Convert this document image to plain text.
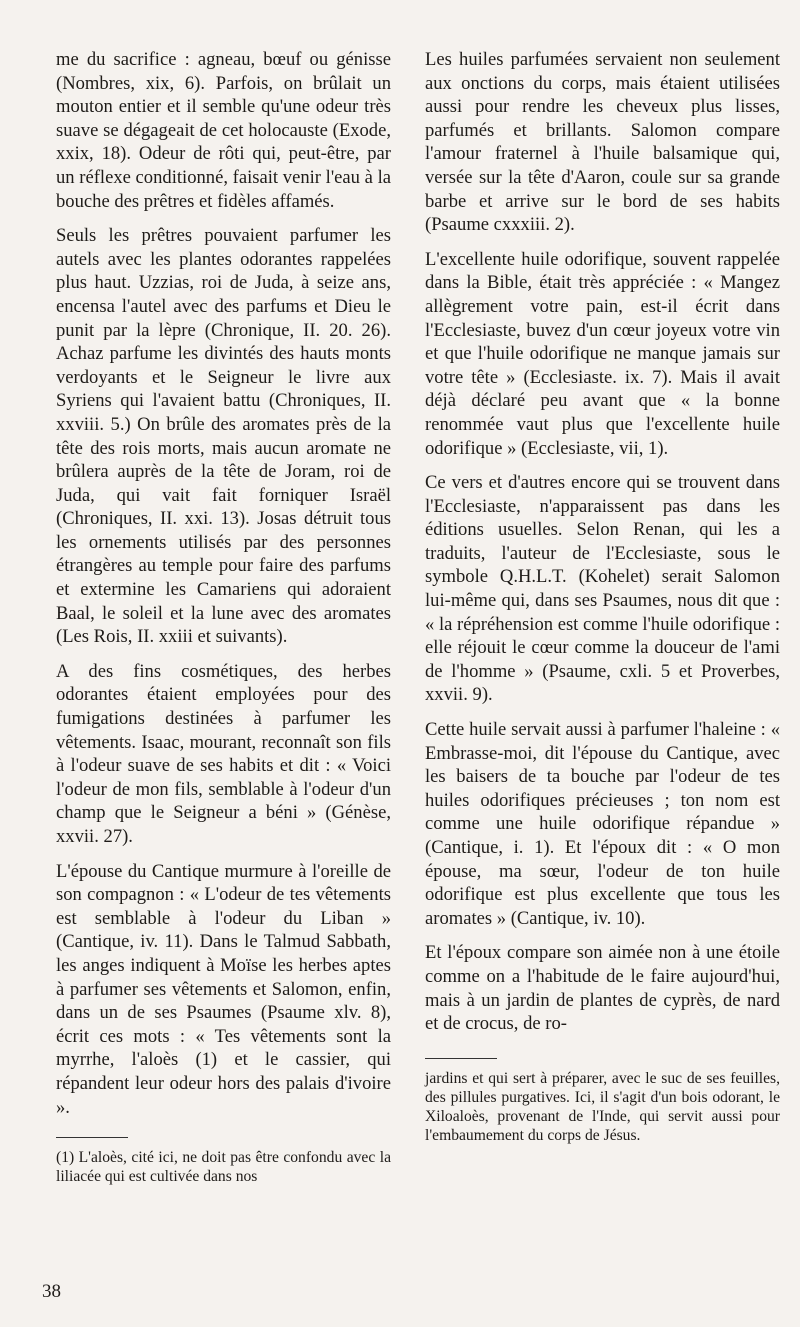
me du sacrifice : agneau, bœuf ou génisse (Nombres, xix, 6). Parfois, on brûlait un mouton entier et il semble qu'une odeur très suave se dégageait de cet holocauste (Exode, xxix, 18). Odeur de rôti qui, peut-être, par un réflexe conditionné, faisait venir l'eau à la bouche des prêtres et fidèles affamés.

Seuls les prêtres pouvaient parfumer les autels avec les plantes odorantes rappelées plus haut. Uzzias, roi de Juda, à seize ans, encensa l'autel avec des parfums et Dieu le punit par la lèpre (Chronique, II. 20. 26). Achaz parfume les divintés des hauts monts verdoyants et le Seigneur le livre aux Syriens qui l'avaient battu (Chroniques, II. xxviii. 5.) On brûle des aromates près de la tête des rois morts, mais aucun aromate ne brûlera auprès de la tête de Joram, roi de Juda, qui vait fait forniquer Israël (Chroniques, II. xxi. 13). Josas détruit tous les ornements utilisés par des personnes étrangères au temple pour faire des parfums et extermine les Camariens qui adoraient Baal, le soleil et la lune avec des aromates (Les Rois, II. xxiii et suivants).

A des fins cosmétiques, des herbes odorantes étaient employées pour des fumigations destinées à parfumer les vêtements. Isaac, mourant, reconnaît son fils à l'odeur suave de ses habits et dit : « Voici l'odeur de mon fils, semblable à l'odeur d'un champ que le Seigneur a béni » (Génèse, xxvii. 27).

L'épouse du Cantique murmure à l'oreille de son compagnon : « L'odeur de tes vêtements est semblable à l'odeur du Liban » (Cantique, iv. 11). Dans le Talmud Sabbath, les anges indiquent à Moïse les herbes aptes à parfumer ses vêtements et Salomon, enfin, dans un de ses Psaumes (Psaume xlv. 8), écrit ces mots : « Tes vêtements sont la myrrhe, l'aloès (1) et le cassier, qui répandent leur odeur hors des palais d'ivoire ».

(1) L'aloès, cité ici, ne doit pas être confondu avec la liliacée qui est cultivée dans nos

Les huiles parfumées servaient non seulement aux onctions du corps, mais étaient utilisées aussi pour rendre les cheveux plus lisses, parfumés et brillants. Salomon compare l'amour fraternel à l'huile balsamique qui, versée sur la tête d'Aaron, coule sur sa grande barbe et arrive sur le bord de ses habits (Psaume cxxxiii. 2).

L'excellente huile odorifique, souvent rappelée dans la Bible, était très appréciée : « Mangez allègrement votre pain, est-il écrit dans l'Ecclesiaste, buvez d'un cœur joyeux votre vin et que l'huile odorifique ne manque jamais sur votre tête » (Ecclesiaste. ix. 7). Mais il avait déjà déclaré peu avant que « la bonne renommée vaut plus que l'excellente huile odorifique » (Ecclesiaste, vii, 1).

Ce vers et d'autres encore qui se trouvent dans l'Ecclesiaste, n'apparaissent pas dans les éditions usuelles. Selon Renan, qui les a traduits, l'auteur de l'Ecclesiaste, sous le symbole Q.H.L.T. (Kohelet) serait Salomon lui-même qui, dans ses Psaumes, nous dit que : « la répréhension est comme l'huile odorifique : elle réjouit le cœur comme la douceur de l'ami de l'homme » (Psaume, cxli. 5 et Proverbes, xxvii. 9).

Cette huile servait aussi à parfumer l'haleine : « Embrasse-moi, dit l'épouse du Cantique, avec les baisers de ta bouche par l'odeur de tes huiles odorifiques précieuses ; ton nom est comme une huile odorifique répandue » (Cantique, i. 1). Et l'époux dit : « O mon épouse, ma sœur, l'odeur de ton huile odorifique est plus excellente que tous les aromates » (Cantique, iv. 10).

Et l'époux compare son aimée non à une étoile comme on a l'habitude de le faire aujourd'hui, mais à un jardin de plantes de cyprès, de nard et de crocus, de ro-

jardins et qui sert à préparer, avec le suc de ses feuilles, des pillules purgatives. Ici, il s'agit d'un bois odorant, le Xiloaloès, provenant de l'Inde, qui servit aussi pour l'embaumement du corps de Jésus.

38
